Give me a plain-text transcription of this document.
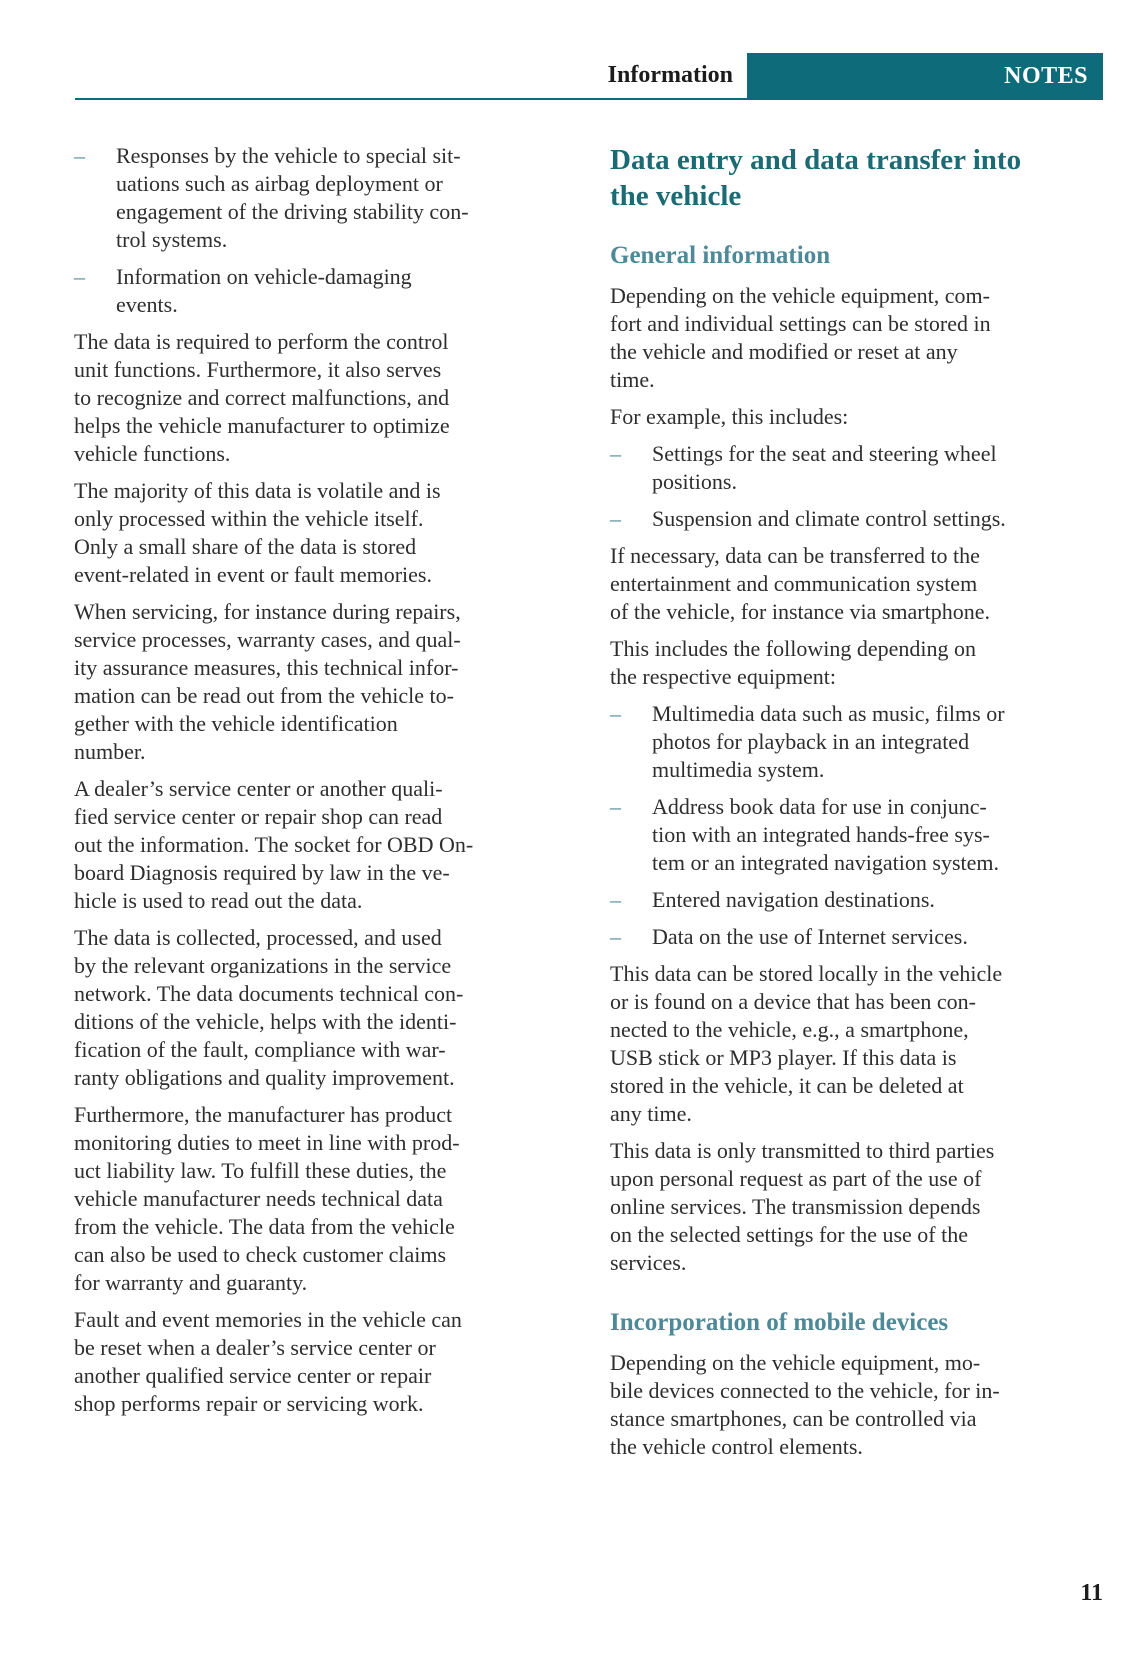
Information	NOTES
– Responses by the vehicle to special sit-
uations such as airbag deployment or
engagement of the driving stability con-
trol systems.
– Information on vehicle-damaging
events.

The data is required to perform the control
unit functions. Furthermore, it also serves
to recognize and correct malfunctions, and
helps the vehicle manufacturer to optimize
vehicle functions.

The majority of this data is volatile and is
only processed within the vehicle itself.
Only a small share of the data is stored
event-related in event or fault memories.

When servicing, for instance during repairs,
service processes, warranty cases, and qual-
ity assurance measures, this technical infor-
mation can be read out from the vehicle to-
gether with the vehicle identification
number.

A dealer’s service center or another quali-
fied service center or repair shop can read
out the information. The socket for OBD On-
board Diagnosis required by law in the ve-
hicle is used to read out the data.

The data is collected, processed, and used
by the relevant organizations in the service
network. The data documents technical con-
ditions of the vehicle, helps with the identi-
fication of the fault, compliance with war-
ranty obligations and quality improvement.

Furthermore, the manufacturer has product
monitoring duties to meet in line with prod-
uct liability law. To fulfill these duties, the
vehicle manufacturer needs technical data
from the vehicle. The data from the vehicle
can also be used to check customer claims
for warranty and guaranty.

Fault and event memories in the vehicle can
be reset when a dealer’s service center or
another qualified service center or repair
shop performs repair or servicing work.

Data entry and data transfer into
the vehicle
General information

Depending on the vehicle equipment, com-
fort and individual settings can be stored in
the vehicle and modified or reset at any
time.

For example, this includes:

– Settings for the seat and steering wheel
positions.
– Suspension and climate control settings.

If necessary, data can be transferred to the
entertainment and communication system
of the vehicle, for instance via smartphone.

This includes the following depending on
the respective equipment:

– Multimedia data such as music, films or
photos for playback in an integrated
multimedia system.
– Address book data for use in conjunc-
tion with an integrated hands-free sys-
tem or an integrated navigation system.
– Entered navigation destinations.
– Data on the use of Internet services.

This data can be stored locally in the vehicle
or is found on a device that has been con-
nected to the vehicle, e.g., a smartphone,
USB stick or MP3 player. If this data is
stored in the vehicle, it can be deleted at
any time.

This data is only transmitted to third parties
upon personal request as part of the use of
online services. The transmission depends
on the selected settings for the use of the
services.

Incorporation of mobile devices

Depending on the vehicle equipment, mo-
bile devices connected to the vehicle, for in-
stance smartphones, can be controlled via
the vehicle control elements.

11
